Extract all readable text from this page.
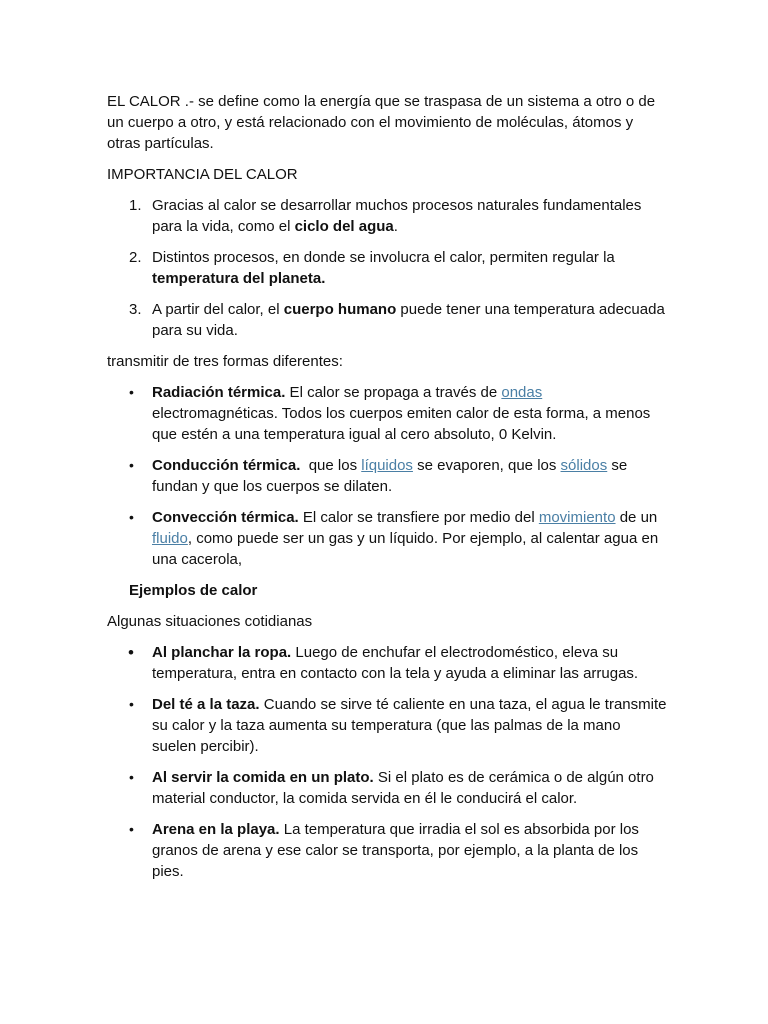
EL CALOR .- se define como la energía que se traspasa de un sistema a otro o de un cuerpo a otro, y está relacionado con el movimiento de moléculas, átomos y otras partículas.

IMPORTANCIA DEL CALOR

1. Gracias al calor se desarrollar muchos procesos naturales fundamentales para la vida, como el ciclo del agua.
2. Distintos procesos, en donde se involucra el calor, permiten regular la temperatura del planeta.
3. A partir del calor, el cuerpo humano puede tener una temperatura adecuada para su vida.

transmitir de tres formas diferentes:

•	Radiación térmica. El calor se propaga a través de ondas electromagnéticas. Todos los cuerpos emiten calor de esta forma, a menos que estén a una temperatura igual al cero absoluto, 0 Kelvin.
•	Conducción térmica.  que los líquidos se evaporen, que los sólidos se fundan y que los cuerpos se dilaten.
•	Convección térmica. El calor se transfiere por medio del movimiento de un fluido, como puede ser un gas y un líquido. Por ejemplo, al calentar agua en una cacerola,

Ejemplos de calor

Algunas situaciones cotidianas

•	Al planchar la ropa. Luego de enchufar el electrodoméstico, eleva su temperatura, entra en contacto con la tela y ayuda a eliminar las arrugas.
•	Del té a la taza. Cuando se sirve té caliente en una taza, el agua le transmite su calor y la taza aumenta su temperatura (que las palmas de la mano suelen percibir).
•	Al servir la comida en un plato. Si el plato es de cerámica o de algún otro material conductor, la comida servida en él le conducirá el calor.
•	Arena en la playa. La temperatura que irradia el sol es absorbida por los granos de arena y ese calor se transporta, por ejemplo, a la planta de los pies.
